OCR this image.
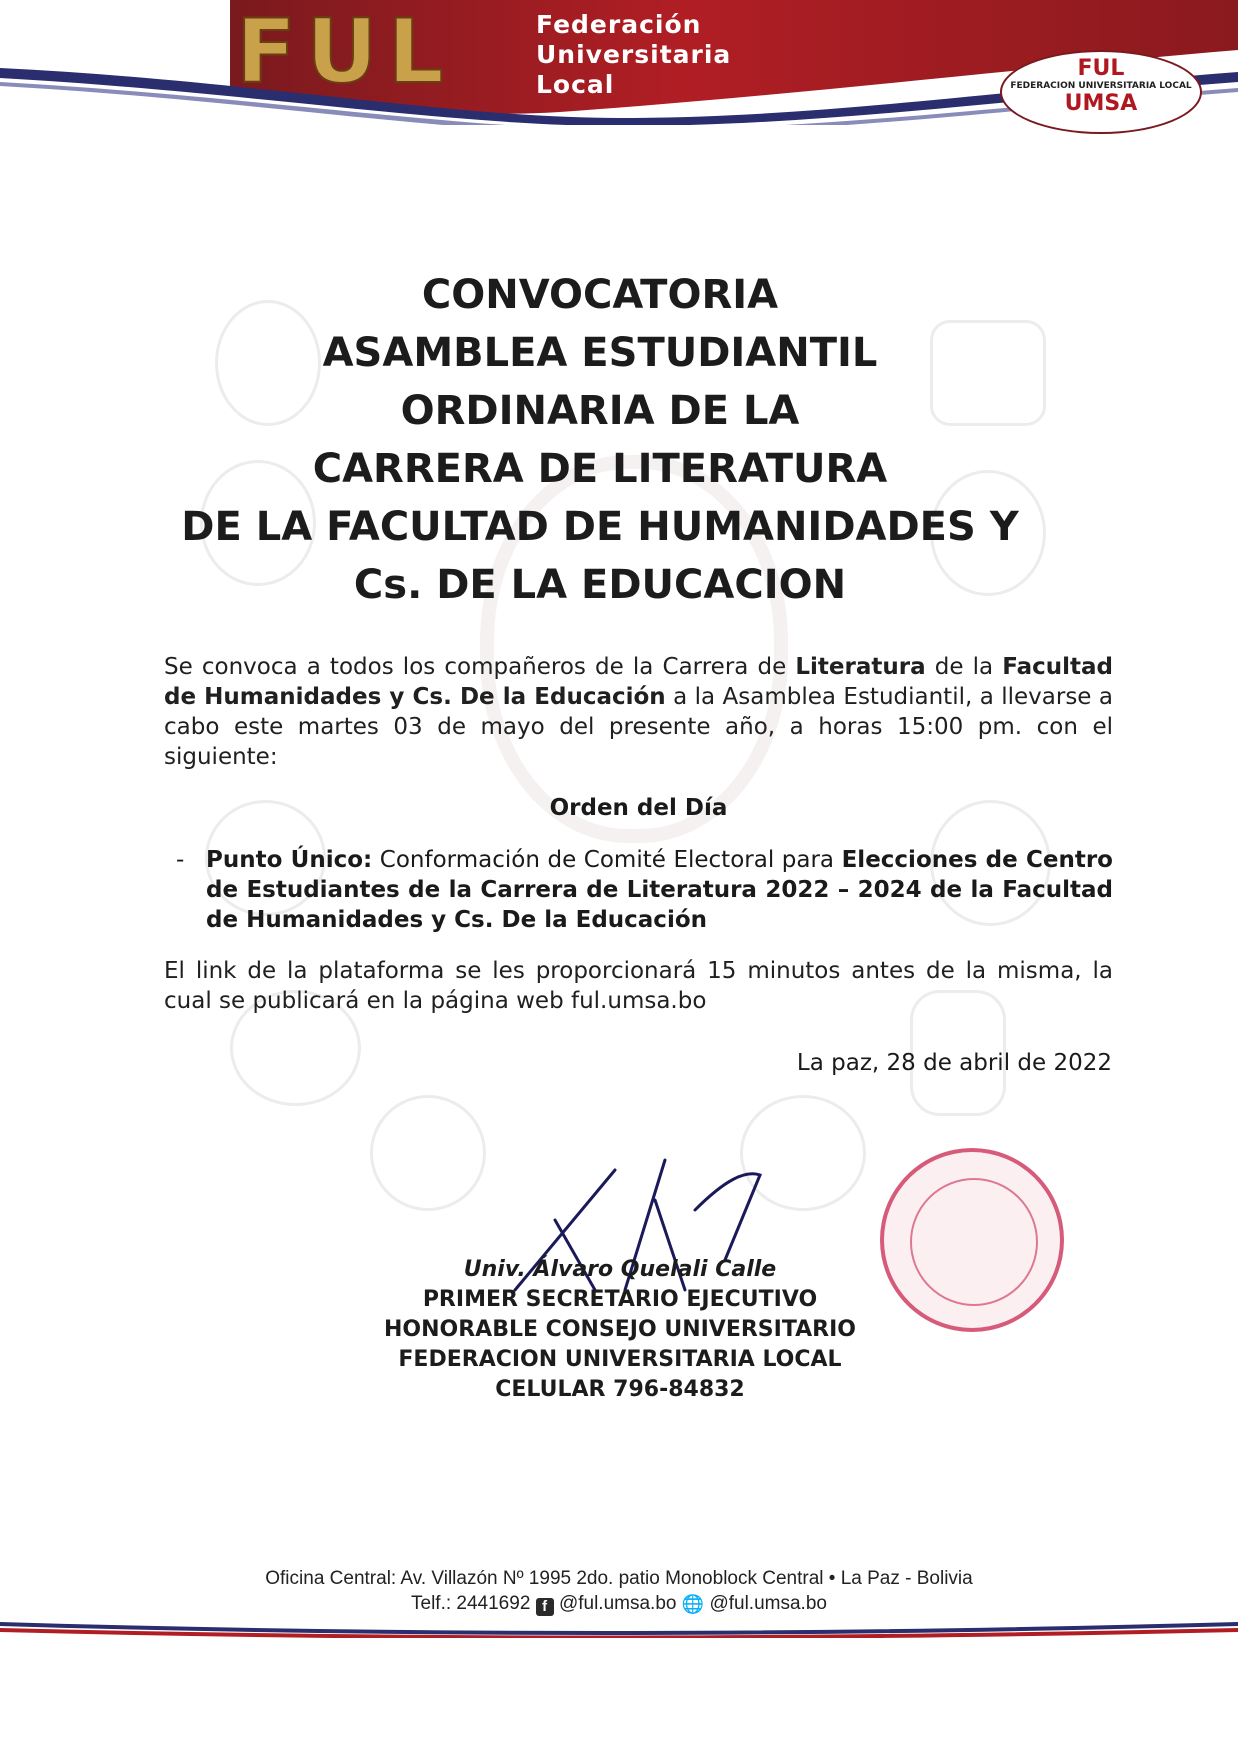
FUL	Federación
Universitaria
Local
FUL
FEDERACION UNIVERSITARIA LOCAL
UMSA
CONVOCATORIA
ASAMBLEA ESTUDIANTIL
ORDINARIA DE LA
CARRERA DE LITERATURA
DE LA FACULTAD DE HUMANIDADES Y
Cs. DE LA EDUCACION
Se convoca a todos los compañeros de la Carrera de Literatura de la Facultad de Humanidades y Cs. De la Educación a la Asamblea Estudiantil, a llevarse a cabo este martes 03 de mayo del presente año, a horas 15:00 pm. con el siguiente:
Orden del Día
- Punto Único: Conformación de Comité Electoral para Elecciones de Centro de Estudiantes de la Carrera de Literatura 2022 – 2024 de la Facultad de Humanidades y Cs. De la Educación
El link de la plataforma se les proporcionará 15 minutos antes de la misma, la cual se publicará en la página web ful.umsa.bo
La paz, 28 de abril de 2022
Univ. Álvaro Quelali Calle
PRIMER SECRETARIO EJECUTIVO
HONORABLE CONSEJO UNIVERSITARIO
FEDERACION UNIVERSITARIA LOCAL
CELULAR 796-84832
Oficina Central: Av. Villazón Nº 1995 2do. patio Monoblock Central • La Paz - Bolivia
Telf.: 2441692 f @ful.umsa.bo 🌐 @ful.umsa.bo
